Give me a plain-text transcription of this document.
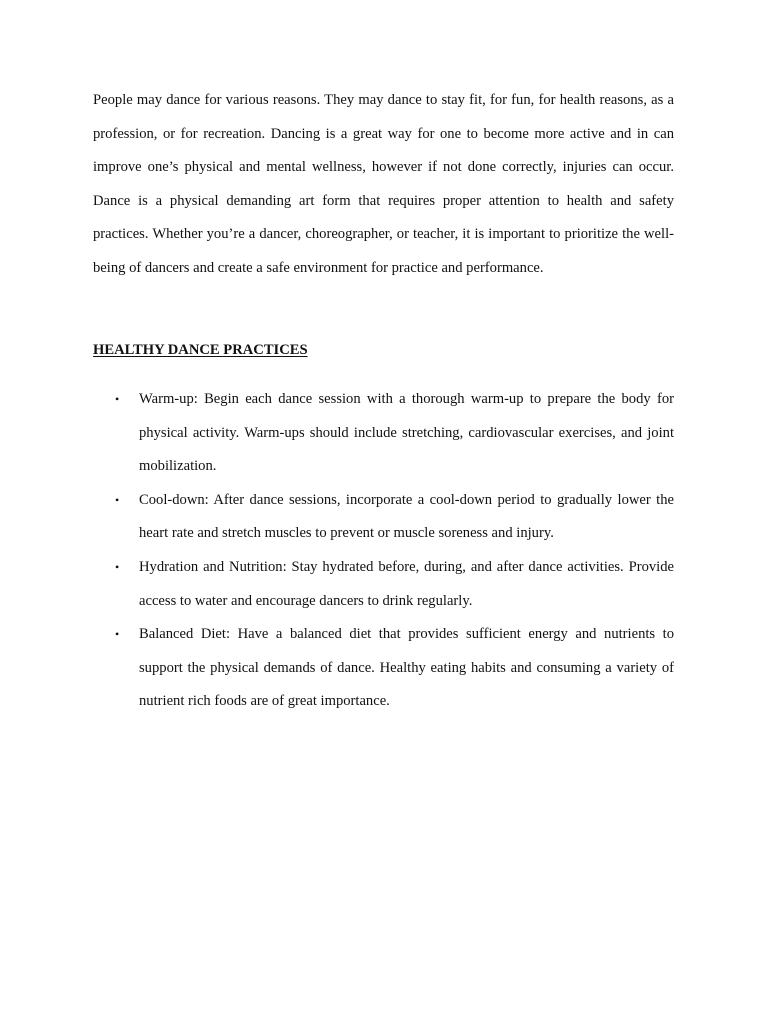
People may dance for various reasons. They may dance to stay fit, for fun, for health reasons, as a profession, or for recreation. Dancing is a great way for one to become more active and in can improve one’s physical and mental wellness, however if not done correctly, injuries can occur. Dance is a physical demanding art form that requires proper attention to health and safety practices. Whether you’re a dancer, choreographer, or teacher, it is important to prioritize the well-being of dancers and create a safe environment for practice and performance.

HEALTHY DANCE PRACTICES
• Warm-up: Begin each dance session with a thorough warm-up to prepare the body for physical activity. Warm-ups should include stretching, cardiovascular exercises, and joint mobilization.
• Cool-down: After dance sessions, incorporate a cool-down period to gradually lower the heart rate and stretch muscles to prevent or muscle soreness and injury.
• Hydration and Nutrition: Stay hydrated before, during, and after dance activities. Provide access to water and encourage dancers to drink regularly.
• Balanced Diet: Have a balanced diet that provides sufficient energy and nutrients to support the physical demands of dance. Healthy eating habits and consuming a variety of nutrient rich foods are of great importance.
